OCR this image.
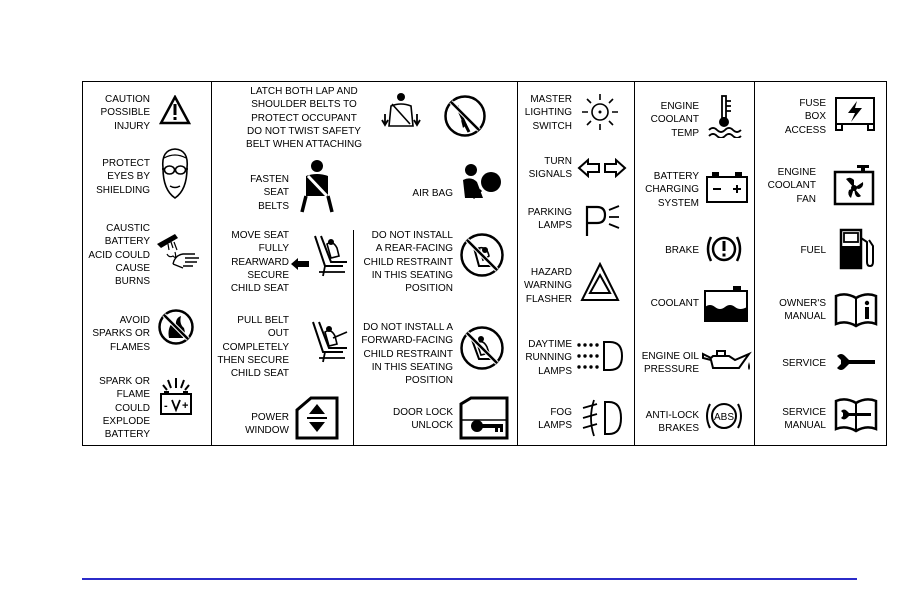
CAUTION
POSSIBLE
INJURY
PROTECT
EYES BY
SHIELDING
CAUSTIC
BATTERY
ACID COULD
CAUSE
BURNS
AVOID
SPARKS OR
FLAMES
SPARK OR
FLAME
COULD
EXPLODE
BATTERY
- +
LATCH BOTH LAP AND
SHOULDER BELTS TO
PROTECT OCCUPANT
DO NOT TWIST SAFETY
BELT WHEN ATTACHING
FASTEN
SEAT
BELTS
AIR BAG
MOVE SEAT
FULLY
REARWARD
SECURE
CHILD SEAT
DO NOT INSTALL
A REAR-FACING
CHILD RESTRAINT
IN THIS SEATING
POSITION
PULL BELT
OUT
COMPLETELY
THEN SECURE
CHILD SEAT
DO NOT INSTALL A
FORWARD-FACING
CHILD RESTRAINT
IN THIS SEATING
POSITION
POWER
WINDOW
DOOR LOCK
UNLOCK
MASTER
LIGHTING
SWITCH
TURN
SIGNALS
PARKING
LAMPS
HAZARD
WARNING
FLASHER
DAYTIME
RUNNING
LAMPS
FOG
LAMPS
ENGINE
COOLANT
TEMP
BATTERY
CHARGING
SYSTEM
BRAKE
COOLANT
ENGINE OIL
PRESSURE
ANTI-LOCK
BRAKES
ABS
FUSE
BOX
ACCESS
ENGINE
COOLANT
FAN
FUEL
OWNER'S
MANUAL
SERVICE
SERVICE
MANUAL
